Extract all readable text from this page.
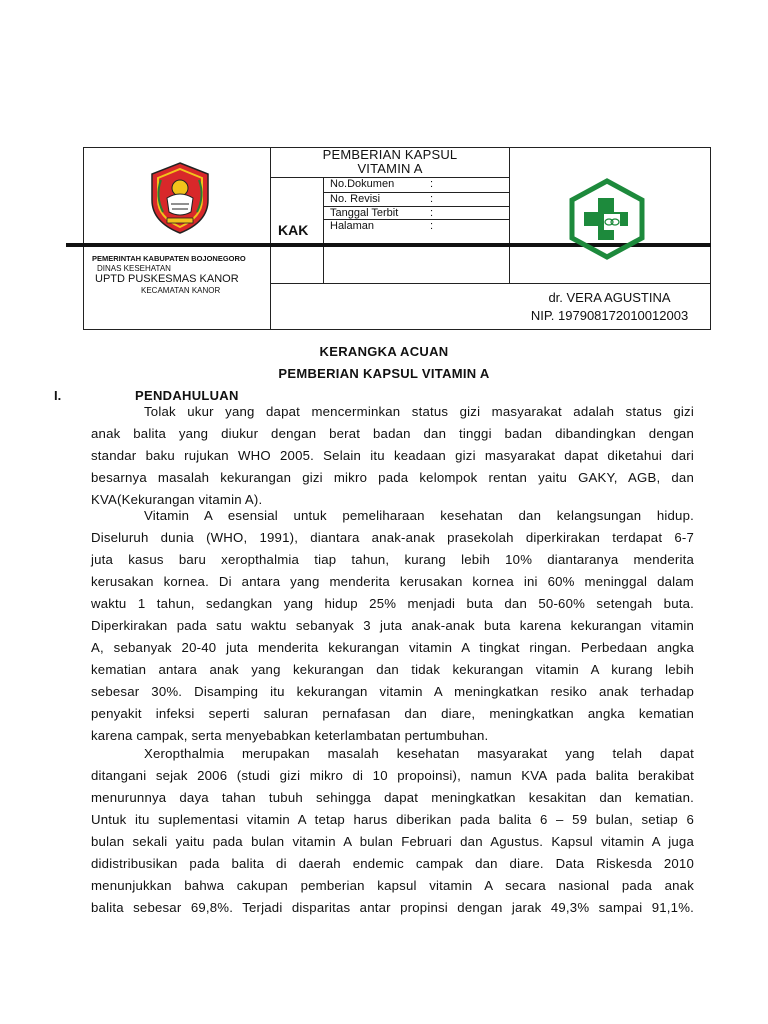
PEMBERIAN KAPSUL
VITAMIN A
KAK
No.Dokumen	:
No. Revisi	:
Tanggal Terbit	:
Halaman	:
PEMERINTAH KABUPATEN BOJONEGORO
DINAS KESEHATAN
UPTD PUSKESMAS KANOR
KECAMATAN KANOR	dr. VERA AGUSTINA
NIP. 197908172010012003
KERANGKA ACUAN
PEMBERIAN KAPSUL VITAMIN A
I.	PENDAHULUAN
Tolak ukur yang dapat mencerminkan status gizi masyarakat adalah status gizi
anak balita yang diukur dengan berat badan dan tinggi badan dibandingkan dengan
standar baku rujukan WHO 2005. Selain itu keadaan gizi masyarakat dapat diketahui dari
besarnya masalah kekurangan gizi mikro pada kelompok rentan yaitu GAKY, AGB, dan
KVA(Kekurangan vitamin A).
Vitamin A esensial untuk pemeliharaan kesehatan dan kelangsungan hidup.
Diseluruh dunia (WHO, 1991), diantara anak-anak prasekolah diperkirakan terdapat 6-7
juta kasus baru xeropthalmia tiap tahun, kurang lebih 10% diantaranya menderita
kerusakan kornea. Di antara yang menderita kerusakan kornea ini 60% meninggal dalam
waktu 1 tahun, sedangkan yang hidup 25% menjadi buta dan 50-60% setengah buta.
Diperkirakan pada satu waktu sebanyak 3 juta anak-anak buta karena kekurangan vitamin
A, sebanyak 20-40 juta menderita kekurangan vitamin A tingkat ringan. Perbedaan angka
kematian antara anak yang kekurangan dan tidak kekurangan vitamin A kurang lebih
sebesar 30%. Disamping itu kekurangan vitamin A meningkatkan resiko anak terhadap
penyakit infeksi seperti saluran pernafasan dan diare, meningkatkan angka kematian
karena campak, serta menyebabkan keterlambatan pertumbuhan.
Xeropthalmia merupakan masalah kesehatan masyarakat yang telah dapat
ditangani sejak 2006 (studi gizi mikro di 10 propoinsi), namun KVA pada balita berakibat
menurunnya daya tahan tubuh sehingga dapat meningkatkan kesakitan dan kematian.
Untuk itu suplementasi vitamin A tetap harus diberikan pada balita 6 – 59 bulan, setiap 6
bulan sekali yaitu pada bulan vitamin A bulan Februari dan Agustus. Kapsul vitamin A juga
didistribusikan pada balita di daerah endemic campak dan diare. Data Riskesda 2010
menunjukkan bahwa cakupan pemberian kapsul vitamin A secara nasional pada anak
balita sebesar 69,8%. Terjadi disparitas antar propinsi dengan jarak 49,3% sampai 91,1%.
